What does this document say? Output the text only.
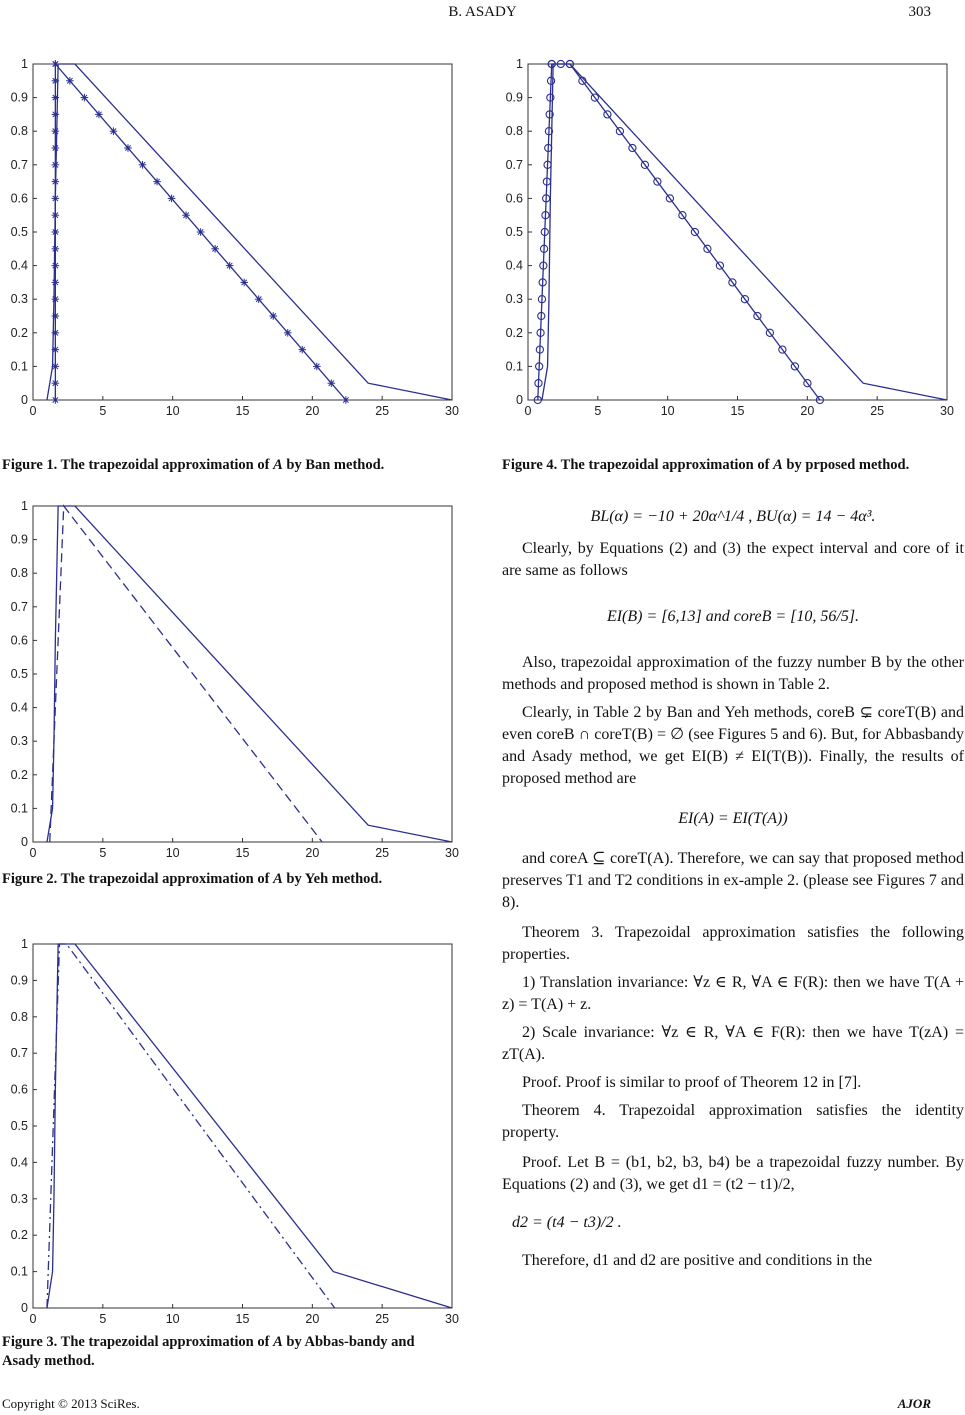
B. ASADY	303
0	5	10	15	20	25	30
0
0.1
0.2
0.3
0.4
0.5
0.6
0.7
0.8
0.9
1
Figure 1. The trapezoidal approximation of A by Ban method.
0	5	10	15	20	25	30
0
0.1
0.2
0.3
0.4
0.5
0.6
0.7
0.8
0.9
1
Figure 2. The trapezoidal approximation of A by Yeh method.
0	5	10	15	20	25	30
0
0.1
0.2
0.3
0.4
0.5
0.6
0.7
0.8
0.9
1
Figure 3. The trapezoidal approximation of A by Abbas-bandy and Asady method.
0	5	10	15	20	25	30
0
0.1
0.2
0.3
0.4
0.5
0.6
0.7
0.8
0.9
1
Figure 4. The trapezoidal approximation of A by prposed method.

BL(α) = −10 + 20α^1/4 , BU(α) = 14 − 4α³.

Clearly, by Equations (2) and (3) the expect interval and core of it are same as follows

EI(B) = [6,13] and coreB = [10, 56/5].

Also, trapezoidal approximation of the fuzzy number B by the other methods and proposed method is shown in Table 2.

Clearly, in Table 2 by Ban and Yeh methods, coreB ⊊ coreT(B) and even coreB ∩ coreT(B) = ∅ (see Figures 5 and 6). But, for Abbasbandy and Asady method, we get EI(B) ≠ EI(T(B)). Finally, the results of proposed method are

EI(A) = EI(T(A))

and coreA ⊆ coreT(A). Therefore, we can say that proposed method preserves T1 and T2 conditions in ex-ample 2. (please see Figures 7 and 8).

Theorem 3. Trapezoidal approximation satisfies the following properties.

1) Translation invariance: ∀z ∈ R, ∀A ∈ F(R): then we have T(A + z) = T(A) + z.

2) Scale invariance: ∀z ∈ R, ∀A ∈ F(R): then we have T(zA) = zT(A).

Proof. Proof is similar to proof of Theorem 12 in [7].

Theorem 4. Trapezoidal approximation satisfies the identity property.

Proof. Let B = (b1, b2, b3, b4) be a trapezoidal fuzzy number. By Equations (2) and (3), we get d1 = (t2 − t1)/2,

d2 = (t4 − t3)/2 .

Therefore, d1 and d2 are positive and conditions in the

Copyright © 2013 SciRes.	AJOR
